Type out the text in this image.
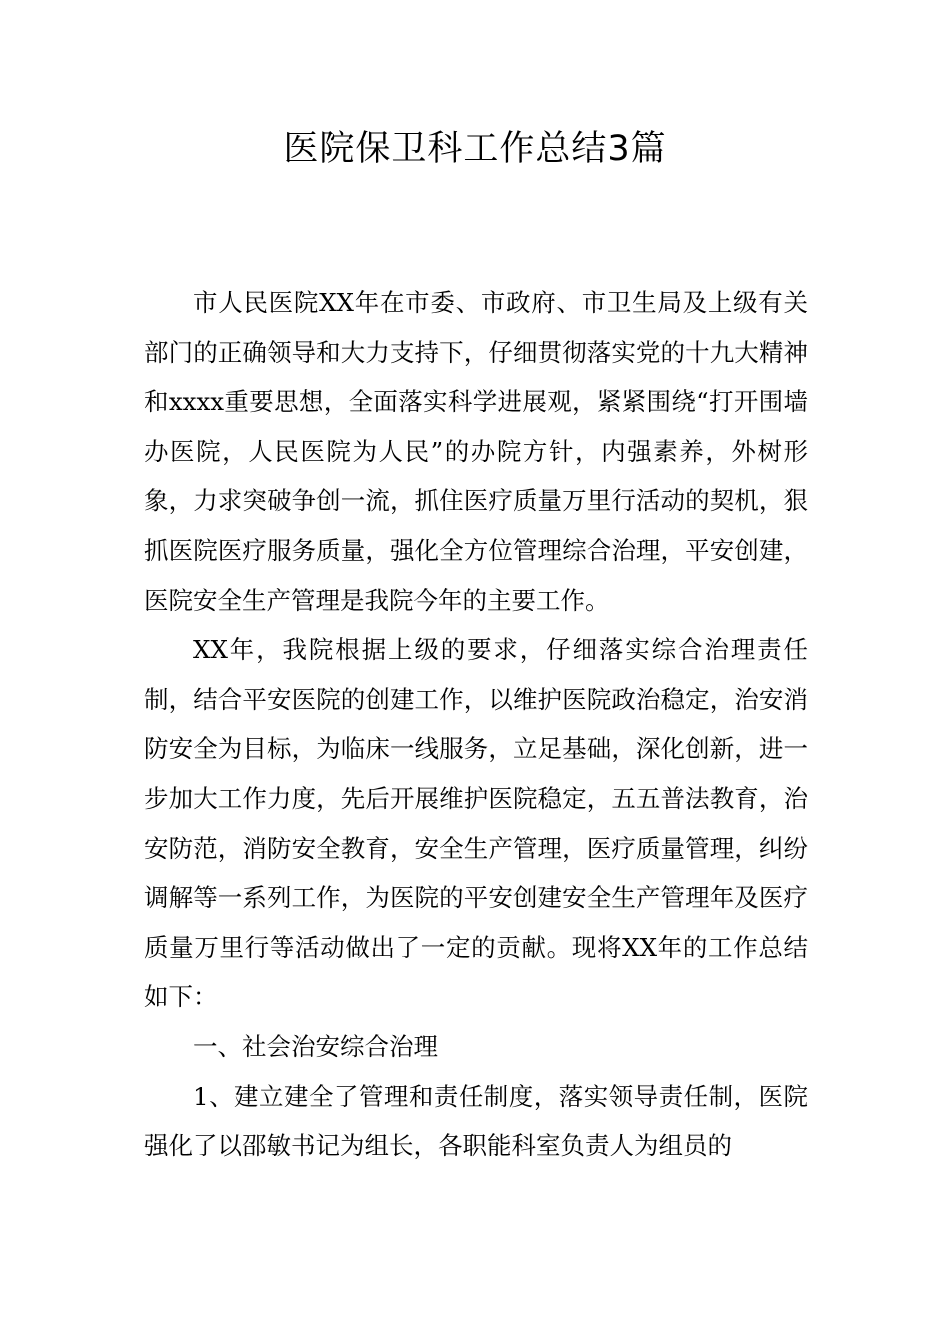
医院保卫科工作总结3篇

市人民医院XX年在市委、市政府、市卫生局及上级有关部门的正确领导和大力支持下，仔细贯彻落实党的十九大精神和xxxx重要思想，全面落实科学进展观，紧紧围绕“打开围墙办医院，人民医院为人民”的办院方针，内强素养，外树形象，力求突破争创一流，抓住医疗质量万里行活动的契机，狠抓医院医疗服务质量，强化全方位管理综合治理，平安创建，医院安全生产管理是我院今年的主要工作。

XX年，我院根据上级的要求，仔细落实综合治理责任制，结合平安医院的创建工作，以维护医院政治稳定，治安消防安全为目标，为临床一线服务，立足基础，深化创新，进一步加大工作力度，先后开展维护医院稳定，五五普法教育，治安防范，消防安全教育，安全生产管理，医疗质量管理，纠纷调解等一系列工作，为医院的平安创建安全生产管理年及医疗质量万里行等活动做出了一定的贡献。现将XX年的工作总结如下：

一、社会治安综合治理

1、建立建全了管理和责任制度，落实领导责任制，医院强化了以邵敏书记为组长，各职能科室负责人为组员的
